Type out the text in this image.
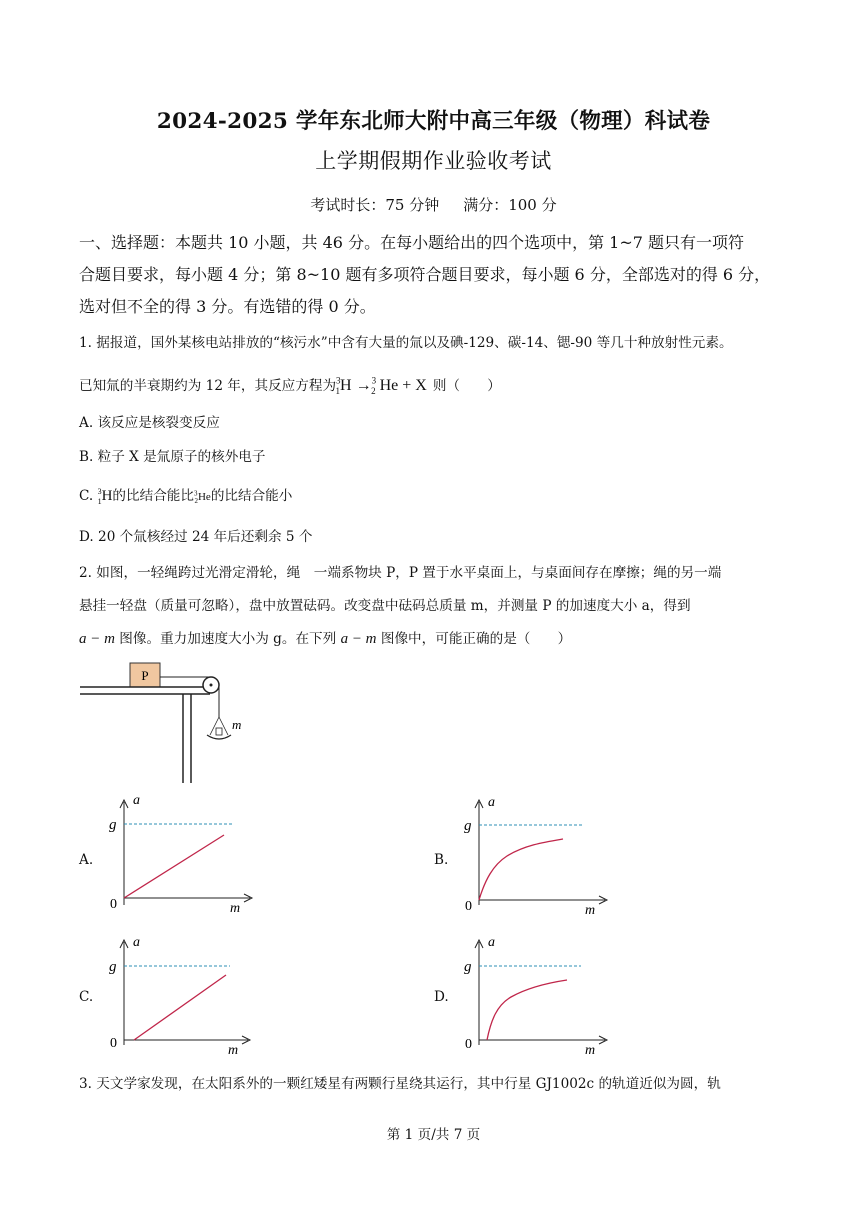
2024-2025 学年东北师大附中高三年级（物理）科试卷
上学期假期作业验收考试
考试时长：75 分钟 满分：100 分
一、选择题：本题共 10 小题，共 46 分。在每小题给出的四个选项中，第 1~7 题只有一项符
合题目要求，每小题 4 分；第 8~10 题有多项符合题目要求，每小题 6 分，全部选对的得 6 分，
选对但不全的得 3 分。有选错的得 0 分。
1. 据报道，国外某核电站排放的“核污水”中含有大量的氚以及碘-129、碳-14、锶-90 等几十种放射性元素。
已知氚的半衰期约为 12 年，其反应方程为$^3_1$H →$^3_2$ He + X 则（　　）
A. 该反应是核裂变反应
B. 粒子 X 是氚原子的核外电子
C. $^3_1$H的比结合能比$^3_2$He的比结合能小
D. 20 个氚核经过 24 年后还剩余 5 个
2. 如图，一轻绳跨过光滑定滑轮，绳　一端系物块 P，P 置于水平桌面上，与桌面间存在摩擦；绳的另一端
悬挂一轻盘（质量可忽略），盘中放置砝码。改变盘中砝码总质量 m，并测量 P 的加速度大小 a，得到
a − m 图像。重力加速度大小为 g。在下列 a − m 图像中，可能正确的是（　　）
P
m
A.
a
g
0	m
B.
a
g
0	m
C.
a
g
0	m
D.
a
g
0	m
3. 天文学家发现，在太阳系外的一颗红矮星有两颗行星绕其运行，其中行星 GJ1002c 的轨道近似为圆，轨
第 1 页/共 7 页
